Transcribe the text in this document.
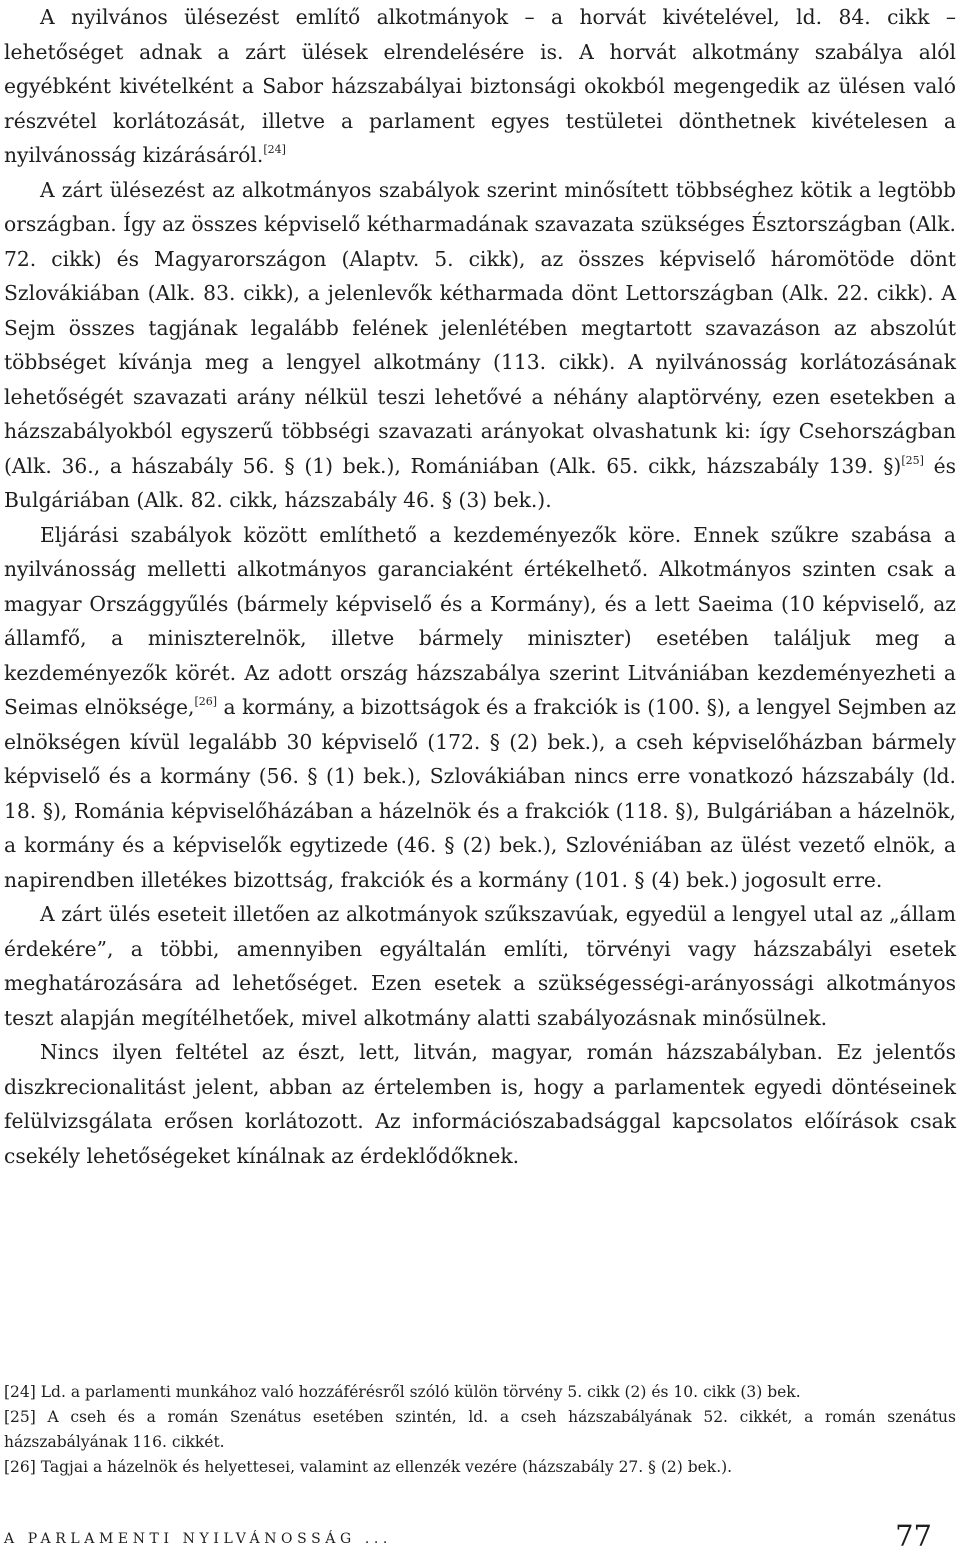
A nyilvános ülésezést említő alkotmányok – a horvát kivételével, ld. 84. cikk – lehetőséget adnak a zárt ülések elrendelésére is. A horvát alkotmány szabálya alól egyébként kivételként a Sabor házszabályai biztonsági okokból megengedik az ülésen való részvétel korlátozását, illetve a parlament egyes testületei dönthetnek kivételesen a nyilvánosság kizárásáról.[24]

A zárt ülésezést az alkotmányos szabályok szerint minősített többséghez kötik a legtöbb országban. Így az összes képviselő kétharmadának szavazata szükséges Észtországban (Alk. 72. cikk) és Magyarországon (Alaptv. 5. cikk), az összes képviselő háromötöde dönt Szlovákiában (Alk. 83. cikk), a jelenlevők kétharmada dönt Lettországban (Alk. 22. cikk). A Sejm összes tagjának legalább felének jelenlétében megtartott szavazáson az abszolút többséget kívánja meg a lengyel alkotmány (113. cikk). A nyilvánosság korlátozásának lehetőségét szavazati arány nélkül teszi lehetővé a néhány alaptörvény, ezen esetekben a házszabályokból egyszerű többségi szavazati arányokat olvashatunk ki: így Csehországban (Alk. 36., a hászabály 56. § (1) bek.), Romániában (Alk. 65. cikk, házszabály 139. §)[25] és Bulgáriában (Alk. 82. cikk, házszabály 46. § (3) bek.).

Eljárási szabályok között említhető a kezdeményezők köre. Ennek szűkre szabása a nyilvánosság melletti alkotmányos garanciaként értékelhető. Alkotmányos szinten csak a magyar Országgyűlés (bármely képviselő és a Kormány), és a lett Saeima (10 képviselő, az államfő, a miniszterelnök, illetve bármely miniszter) esetében találjuk meg a kezdeményezők körét. Az adott ország házszabálya szerint Litvániában kezdeményezheti a Seimas elnöksége,[26] a kormány, a bizottságok és a frakciók is (100. §), a lengyel Sejmben az elnökségen kívül legalább 30 képviselő (172. § (2) bek.), a cseh képviselőházban bármely képviselő és a kormány (56. § (1) bek.), Szlovákiában nincs erre vonatkozó házszabály (ld. 18. §), Románia képviselőházában a házelnök és a frakciók (118. §), Bulgáriában a házelnök, a kormány és a képviselők egytizede (46. § (2) bek.), Szlovéniában az ülést vezető elnök, a napirendben illetékes bizottság, frakciók és a kormány (101. § (4) bek.) jogosult erre.

A zárt ülés eseteit illetően az alkotmányok szűkszavúak, egyedül a lengyel utal az „állam érdekére”, a többi, amennyiben egyáltalán említi, törvényi vagy házszabályi esetek meghatározására ad lehetőséget. Ezen esetek a szükségességi-arányossági alkotmányos teszt alapján megítélhetőek, mivel alkotmány alatti szabályozásnak minősülnek.

Nincs ilyen feltétel az észt, lett, litván, magyar, román házszabályban. Ez jelentős diszkrecionalitást jelent, abban az értelemben is, hogy a parlamentek egyedi döntéseinek felülvizsgálata erősen korlátozott. Az információszabadsággal kapcsolatos előírások csak csekély lehetőségeket kínálnak az érdeklődőknek.

[24] Ld. a parlamenti munkához való hozzáférésről szóló külön törvény 5. cikk (2) és 10. cikk (3) bek.

[25] A cseh és a román Szenátus esetében szintén, ld. a cseh házszabályának 52. cikkét, a román szenátus házszabályának 116. cikkét.

[26] Tagjai a házelnök és helyettesei, valamint az ellenzék vezére (házszabály 27. § (2) bek.).

A PARLAMENTI NYILVÁNOSSÁG ...	77
